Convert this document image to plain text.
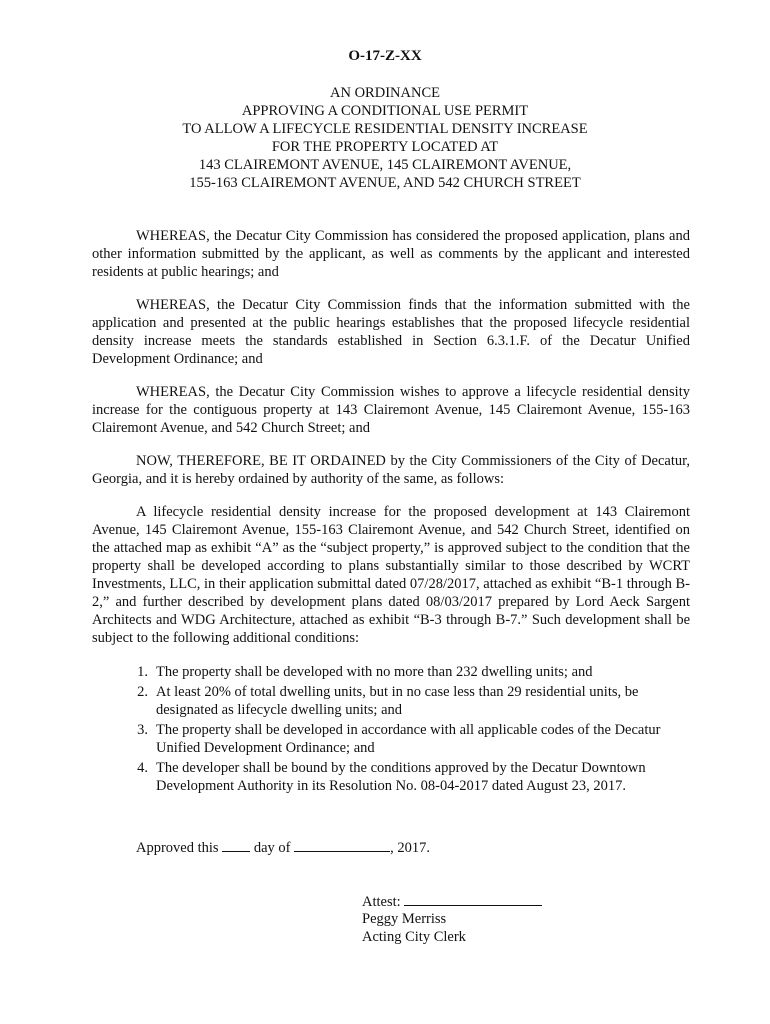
O-17-Z-XX
AN ORDINANCE
APPROVING A CONDITIONAL USE PERMIT
TO ALLOW A LIFECYCLE RESIDENTIAL DENSITY INCREASE
FOR THE PROPERTY LOCATED AT
143 CLAIREMONT AVENUE, 145 CLAIREMONT AVENUE,
155-163 CLAIREMONT AVENUE, AND 542 CHURCH STREET

WHEREAS, the Decatur City Commission has considered the proposed application, plans and other information submitted by the applicant, as well as comments by the applicant and interested residents at public hearings; and

WHEREAS, the Decatur City Commission finds that the information submitted with the application and presented at the public hearings establishes that the proposed lifecycle residential density increase meets the standards established in Section 6.3.1.F. of the Decatur Unified Development Ordinance; and

WHEREAS, the Decatur City Commission wishes to approve a lifecycle residential density increase for the contiguous property at 143 Clairemont Avenue, 145 Clairemont Avenue, 155-163 Clairemont Avenue, and 542 Church Street; and

NOW, THEREFORE, BE IT ORDAINED by the City Commissioners of the City of Decatur, Georgia, and it is hereby ordained by authority of the same, as follows:

A lifecycle residential density increase for the proposed development at 143 Clairemont Avenue, 145 Clairemont Avenue, 155-163 Clairemont Avenue, and 542 Church Street, identified on the attached map as exhibit “A” as the “subject property,” is approved subject to the condition that the property shall be developed according to plans substantially similar to those described by WCRT Investments, LLC, in their application submittal dated 07/28/2017, attached as exhibit “B-1 through B-2,” and further described by development plans dated 08/03/2017 prepared by Lord Aeck Sargent Architects and WDG Architecture, attached as exhibit “B-3 through B-7.” Such development shall be subject to the following additional conditions:

1. The property shall be developed with no more than 232 dwelling units; and
2. At least 20% of total dwelling units, but in no case less than 29 residential units, be designated as lifecycle dwelling units; and
3. The property shall be developed in accordance with all applicable codes of the Decatur Unified Development Ordinance; and
4. The developer shall be bound by the conditions approved by the Decatur Downtown Development Authority in its Resolution No. 08-04-2017 dated August 23, 2017.
Approved this day of	, 2017.
Attest:
Peggy Merriss
Acting City Clerk
